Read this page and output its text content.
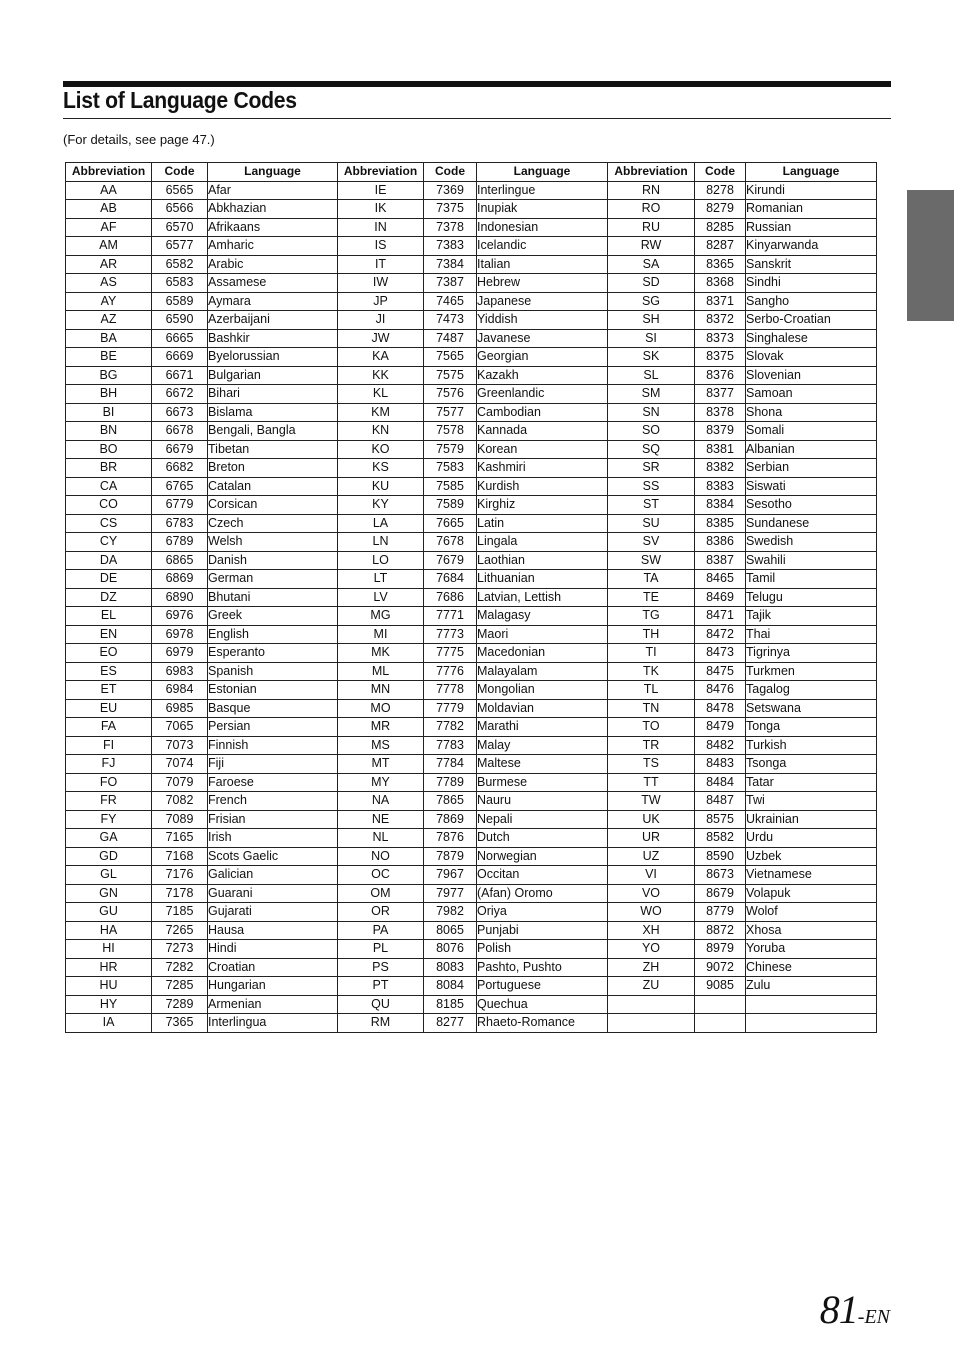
List of Language Codes
(For details, see page 47.)
Abbreviation	Code	Language	Abbreviation	Code	Language	Abbreviation	Code	Language
AA	6565	Afar	IE	7369	Interlingue	RN	8278	Kirundi
AB	6566	Abkhazian	IK	7375	Inupiak	RO	8279	Romanian
AF	6570	Afrikaans	IN	7378	Indonesian	RU	8285	Russian
AM	6577	Amharic	IS	7383	Icelandic	RW	8287	Kinyarwanda
AR	6582	Arabic	IT	7384	Italian	SA	8365	Sanskrit
AS	6583	Assamese	IW	7387	Hebrew	SD	8368	Sindhi
AY	6589	Aymara	JP	7465	Japanese	SG	8371	Sangho
AZ	6590	Azerbaijani	JI	7473	Yiddish	SH	8372	Serbo-Croatian
BA	6665	Bashkir	JW	7487	Javanese	SI	8373	Singhalese
BE	6669	Byelorussian	KA	7565	Georgian	SK	8375	Slovak
BG	6671	Bulgarian	KK	7575	Kazakh	SL	8376	Slovenian
BH	6672	Bihari	KL	7576	Greenlandic	SM	8377	Samoan
BI	6673	Bislama	KM	7577	Cambodian	SN	8378	Shona
BN	6678	Bengali, Bangla	KN	7578	Kannada	SO	8379	Somali
BO	6679	Tibetan	KO	7579	Korean	SQ	8381	Albanian
BR	6682	Breton	KS	7583	Kashmiri	SR	8382	Serbian
CA	6765	Catalan	KU	7585	Kurdish	SS	8383	Siswati
CO	6779	Corsican	KY	7589	Kirghiz	ST	8384	Sesotho
CS	6783	Czech	LA	7665	Latin	SU	8385	Sundanese
CY	6789	Welsh	LN	7678	Lingala	SV	8386	Swedish
DA	6865	Danish	LO	7679	Laothian	SW	8387	Swahili
DE	6869	German	LT	7684	Lithuanian	TA	8465	Tamil
DZ	6890	Bhutani	LV	7686	Latvian, Lettish	TE	8469	Telugu
EL	6976	Greek	MG	7771	Malagasy	TG	8471	Tajik
EN	6978	English	MI	7773	Maori	TH	8472	Thai
EO	6979	Esperanto	MK	7775	Macedonian	TI	8473	Tigrinya
ES	6983	Spanish	ML	7776	Malayalam	TK	8475	Turkmen
ET	6984	Estonian	MN	7778	Mongolian	TL	8476	Tagalog
EU	6985	Basque	MO	7779	Moldavian	TN	8478	Setswana
FA	7065	Persian	MR	7782	Marathi	TO	8479	Tonga
FI	7073	Finnish	MS	7783	Malay	TR	8482	Turkish
FJ	7074	Fiji	MT	7784	Maltese	TS	8483	Tsonga
FO	7079	Faroese	MY	7789	Burmese	TT	8484	Tatar
FR	7082	French	NA	7865	Nauru	TW	8487	Twi
FY	7089	Frisian	NE	7869	Nepali	UK	8575	Ukrainian
GA	7165	Irish	NL	7876	Dutch	UR	8582	Urdu
GD	7168	Scots Gaelic	NO	7879	Norwegian	UZ	8590	Uzbek
GL	7176	Galician	OC	7967	Occitan	VI	8673	Vietnamese
GN	7178	Guarani	OM	7977	(Afan) Oromo	VO	8679	Volapuk
GU	7185	Gujarati	OR	7982	Oriya	WO	8779	Wolof
HA	7265	Hausa	PA	8065	Punjabi	XH	8872	Xhosa
HI	7273	Hindi	PL	8076	Polish	YO	8979	Yoruba
HR	7282	Croatian	PS	8083	Pashto, Pushto	ZH	9072	Chinese
HU	7285	Hungarian	PT	8084	Portuguese	ZU	9085	Zulu
HY	7289	Armenian	QU	8185	Quechua			
IA	7365	Interlingua	RM	8277	Rhaeto-Romance			
81-EN
